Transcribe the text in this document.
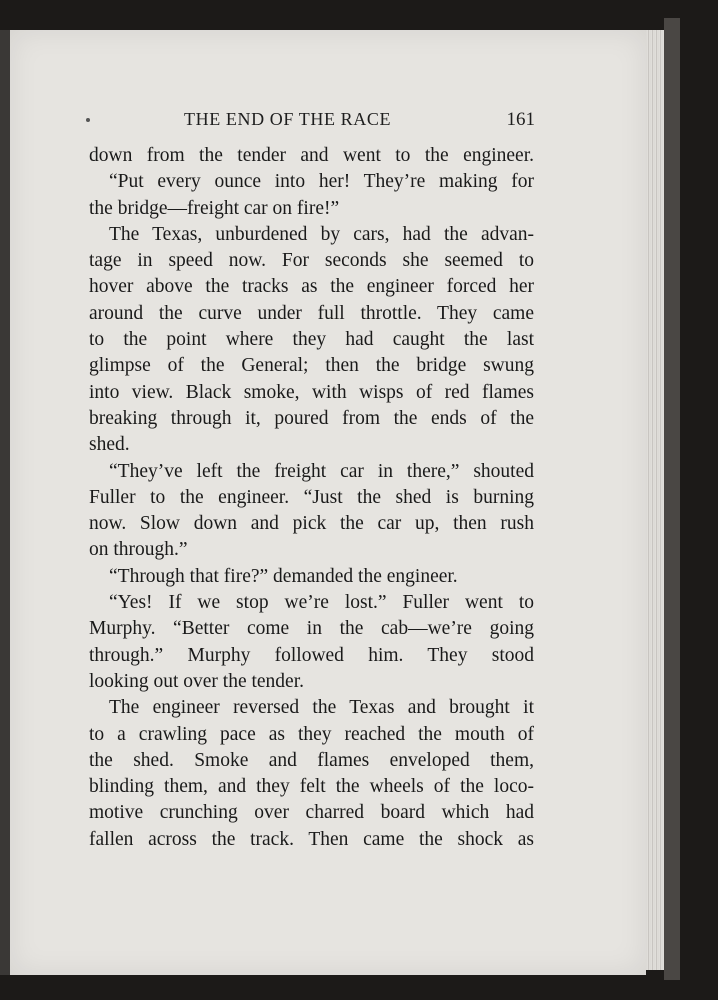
THE END OF THE RACE	161
down from the tender and went to the engineer.
“Put every ounce into her! They’re making for
the bridge—freight car on fire!”
The Texas, unburdened by cars, had the advan-
tage in speed now. For seconds she seemed to
hover above the tracks as the engineer forced her
around the curve under full throttle. They came
to the point where they had caught the last
glimpse of the General; then the bridge swung
into view. Black smoke, with wisps of red flames
breaking through it, poured from the ends of the
shed.
“They’ve left the freight car in there,” shouted
Fuller to the engineer. “Just the shed is burning
now. Slow down and pick the car up, then rush
on through.”
“Through that fire?” demanded the engineer.
“Yes! If we stop we’re lost.” Fuller went to
Murphy. “Better come in the cab—we’re going
through.” Murphy followed him. They stood
looking out over the tender.
The engineer reversed the Texas and brought it
to a crawling pace as they reached the mouth of
the shed. Smoke and flames enveloped them,
blinding them, and they felt the wheels of the loco-
motive crunching over charred board which had
fallen across the track. Then came the shock as
